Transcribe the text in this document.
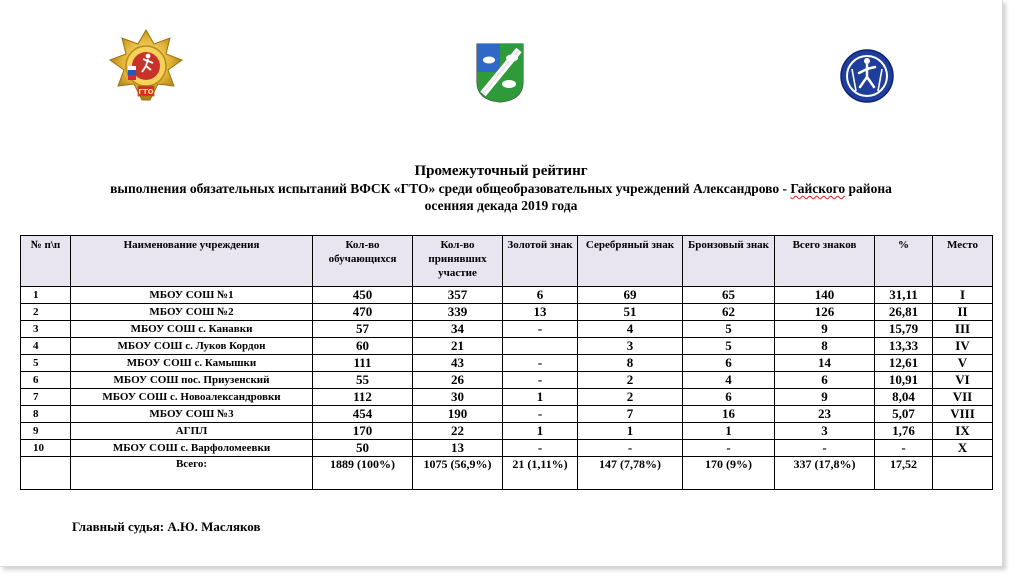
ГТО
Промежуточный рейтинг
выполнения обязательных испытаний ВФСК «ГТО» среди общеобразовательных учреждений Александрово - Гайского района
осенняя декада 2019 года
№ п\п	Наименование учреждения	Кол-во обучающихся	Кол-во принявших участие	Золотой знак	Серебряный знак	Бронзовый знак	Всего знаков	%	Место
1	МБОУ СОШ №1	450	357	6	69	65	140	31,11	I
2	МБОУ СОШ №2	470	339	13	51	62	126	26,81	II
3	МБОУ СОШ с. Канавки	57	34	-	4	5	9	15,79	III
4	МБОУ СОШ с. Луков Кордон	60	21		3	5	8	13,33	IV
5	МБОУ СОШ с. Камышки	111	43	-	8	6	14	12,61	V
6	МБОУ СОШ пос. Приузенский	55	26	-	2	4	6	10,91	VI
7	МБОУ СОШ с. Новоалександровки	112	30	1	2	6	9	8,04	VII
8	МБОУ СОШ №3	454	190	-	7	16	23	5,07	VIII
9	АГПЛ	170	22	1	1	1	3	1,76	IX
10	МБОУ СОШ с. Варфоломеевки	50	13	-	-	-	-	-	X
	Всего:	1889 (100%)	1075 (56,9%)	21 (1,11%)	147 (7,78%)	170 (9%)	337 (17,8%)	17,52	
Главный судья: А.Ю. Масляков
